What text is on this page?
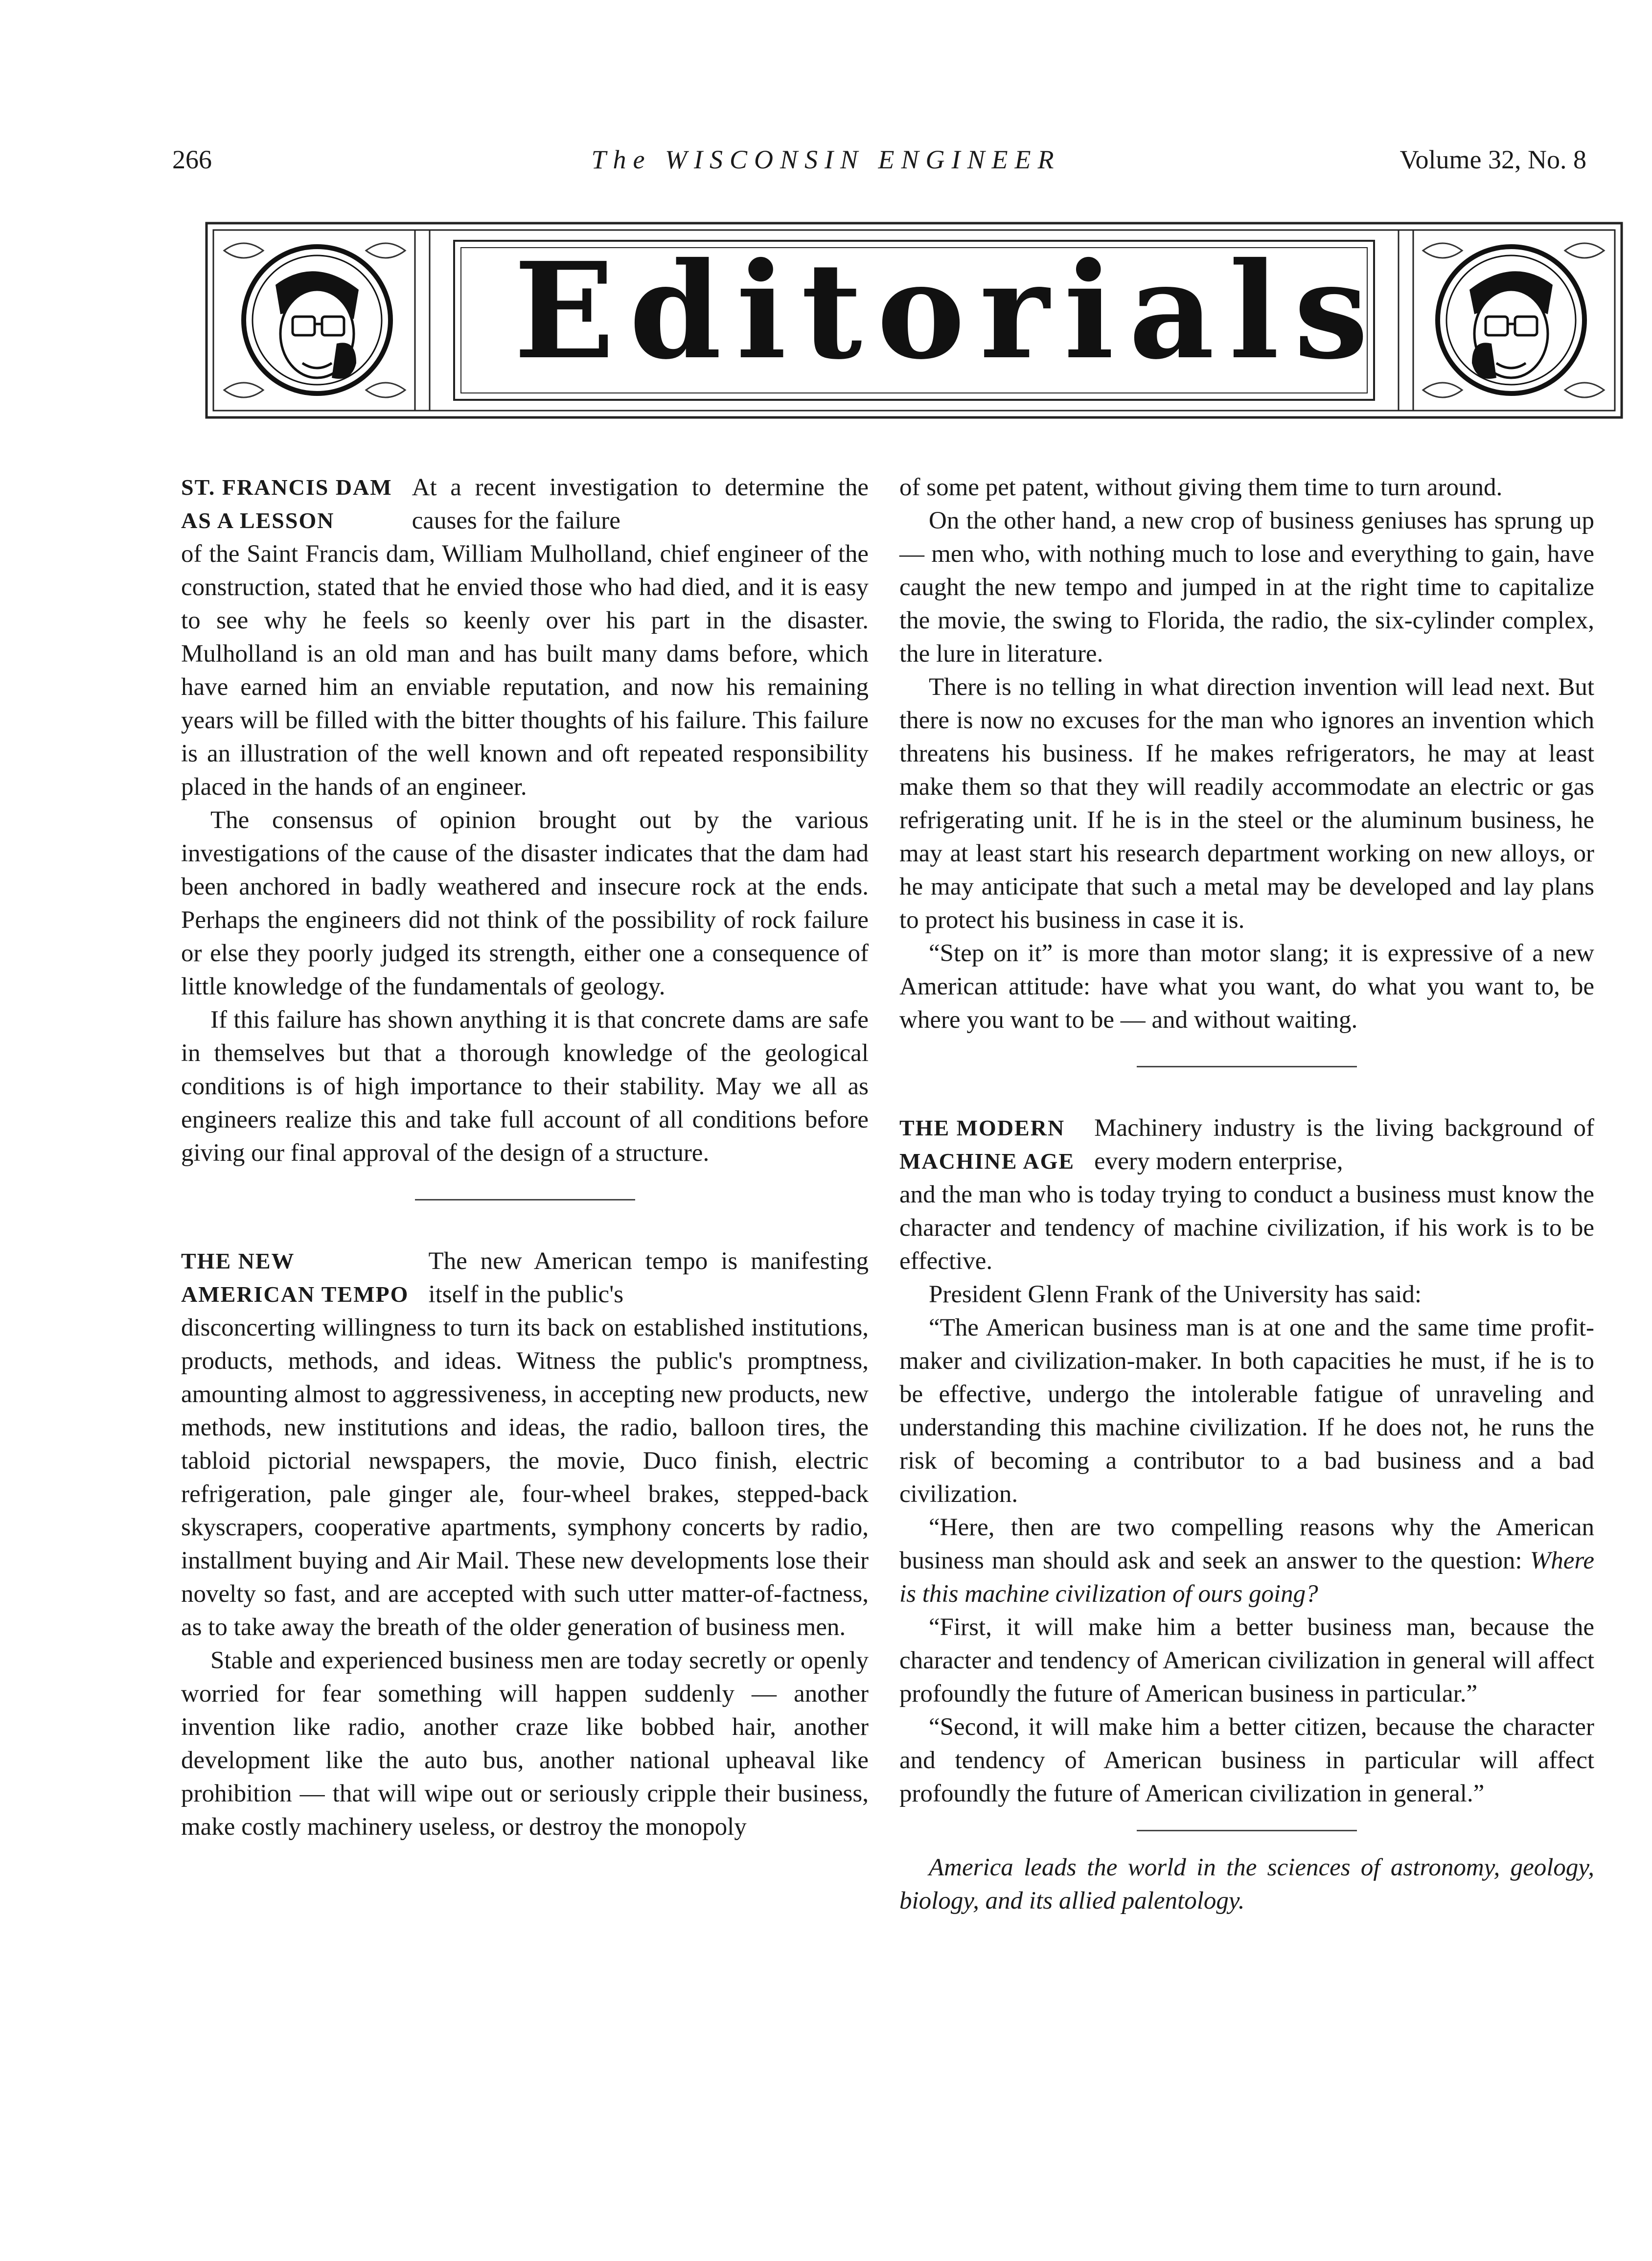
266	The WISCONSIN ENGINEER	Volume 32, No. 8
Editorials
ST. FRANCIS DAM
AS A LESSON
At a recent investigation to determine the causes for the failure

of the Saint Francis dam, William Mulholland, chief engineer of the construction, stated that he envied those who had died, and it is easy to see why he feels so keenly over his part in the disaster. Mulholland is an old man and has built many dams before, which have earned him an enviable reputation, and now his remaining years will be filled with the bitter thoughts of his failure. This failure is an illustration of the well known and oft repeated responsibility placed in the hands of an engineer.

The consensus of opinion brought out by the various investigations of the cause of the disaster indicates that the dam had been anchored in badly weathered and insecure rock at the ends. Perhaps the engineers did not think of the possibility of rock failure or else they poorly judged its strength, either one a consequence of little knowledge of the fundamentals of geology.

If this failure has shown anything it is that concrete dams are safe in themselves but that a thorough knowledge of the geological conditions is of high importance to their stability. May we all as engineers realize this and take full account of all conditions before giving our final approval of the design of a structure.

THE NEW
AMERICAN TEMPO
The new American tempo is manifesting itself in the public's

disconcerting willingness to turn its back on established institutions, products, methods, and ideas. Witness the public's promptness, amounting almost to aggressiveness, in accepting new products, new methods, new institutions and ideas, the radio, balloon tires, the tabloid pictorial newspapers, the movie, Duco finish, electric refrigeration, pale ginger ale, four-wheel brakes, stepped-back skyscrapers, cooperative apartments, symphony concerts by radio, installment buying and Air Mail. These new developments lose their novelty so fast, and are accepted with such utter matter-of-factness, as to take away the breath of the older generation of business men.

Stable and experienced business men are today secretly or openly worried for fear something will happen suddenly — another invention like radio, another craze like bobbed hair, another development like the auto bus, another national upheaval like prohibition — that will wipe out or seriously cripple their business, make costly machinery useless, or destroy the monopoly

of some pet patent, without giving them time to turn around.

On the other hand, a new crop of business geniuses has sprung up — men who, with nothing much to lose and everything to gain, have caught the new tempo and jumped in at the right time to capitalize the movie, the swing to Florida, the radio, the six-cylinder complex, the lure in literature.

There is no telling in what direction invention will lead next. But there is now no excuses for the man who ignores an invention which threatens his business. If he makes refrigerators, he may at least make them so that they will readily accommodate an electric or gas refrigerating unit. If he is in the steel or the aluminum business, he may at least start his research department working on new alloys, or he may anticipate that such a metal may be developed and lay plans to protect his business in case it is.

“Step on it” is more than motor slang; it is expressive of a new American attitude: have what you want, do what you want to, be where you want to be — and without waiting.

THE MODERN
MACHINE AGE
Machinery industry is the living background of every modern enterprise,

and the man who is today trying to conduct a business must know the character and tendency of machine civilization, if his work is to be effective.

President Glenn Frank of the University has said:

“The American business man is at one and the same time profit-maker and civilization-maker. In both capacities he must, if he is to be effective, undergo the intolerable fatigue of unraveling and understanding this machine civilization. If he does not, he runs the risk of becoming a contributor to a bad business and a bad civilization.

“Here, then are two compelling reasons why the American business man should ask and seek an answer to the question: Where is this machine civilization of ours going?

“First, it will make him a better business man, because the character and tendency of American civilization in general will affect profoundly the future of American business in particular.”

“Second, it will make him a better citizen, because the character and tendency of American business in particular will affect profoundly the future of American civilization in general.”

America leads the world in the sciences of astronomy, geology, biology, and its allied palentology.
